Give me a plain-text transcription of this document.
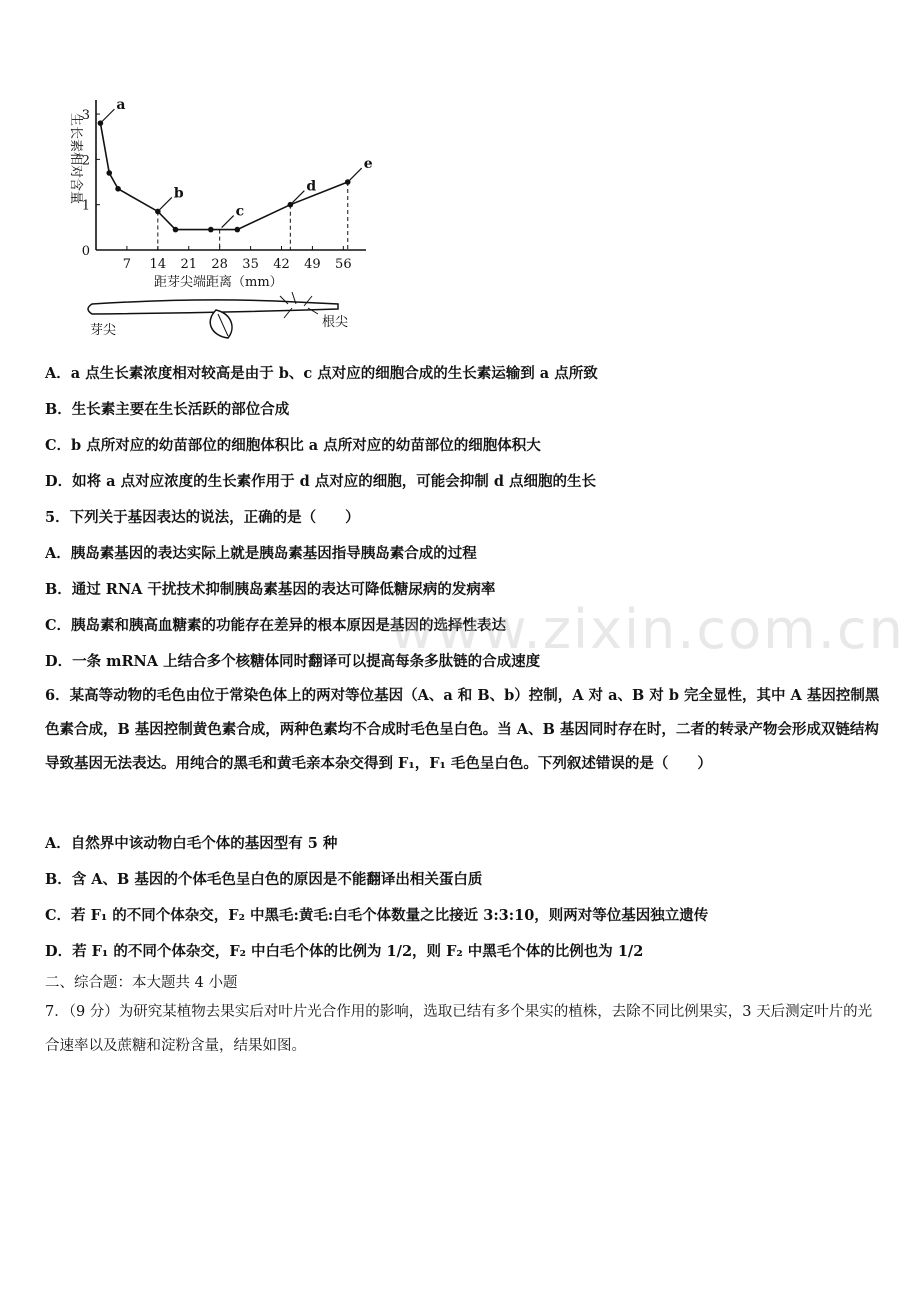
a
b
c
d
e
7 14 21 28 35 42 49 56
0
1
2
3
生长素相对含量
距芽尖端距离（mm）
芽尖
根尖
A．a 点生长素浓度相对较高是由于 b、c 点对应的细胞合成的生长素运输到 a 点所致
B．生长素主要在生长活跃的部位合成
C．b 点所对应的幼苗部位的细胞体积比 a 点所对应的幼苗部位的细胞体积大
D．如将 a 点对应浓度的生长素作用于 d 点对应的细胞，可能会抑制 d 点细胞的生长
5．下列关于基因表达的说法，正确的是（　　）
A．胰岛素基因的表达实际上就是胰岛素基因指导胰岛素合成的过程
B．通过 RNA 干扰技术抑制胰岛素基因的表达可降低糖尿病的发病率
C．胰岛素和胰高血糖素的功能存在差异的根本原因是基因的选择性表达
D．一条 mRNA 上结合多个核糖体同时翻译可以提高每条多肽链的合成速度
6．某高等动物的毛色由位于常染色体上的两对等位基因（A、a 和 B、b）控制，A 对 a、B 对 b 完全显性，其中 A 基因控制黑色素合成，B 基因控制黄色素合成，两种色素均不合成时毛色呈白色。当 A、B 基因同时存在时，二者的转录产物会形成双链结构导致基因无法表达。用纯合的黑毛和黄毛亲本杂交得到 F₁，F₁ 毛色呈白色。下列叙述错误的是（　　）
A．自然界中该动物白毛个体的基因型有 5 种
B．含 A、B 基因的个体毛色呈白色的原因是不能翻译出相关蛋白质
C．若 F₁ 的不同个体杂交，F₂ 中黑毛:黄毛:白毛个体数量之比接近 3:3:10，则两对等位基因独立遗传
D．若 F₁ 的不同个体杂交，F₂ 中白毛个体的比例为 1/2，则 F₂ 中黑毛个体的比例也为 1/2
二、综合题：本大题共 4 小题
7．（9 分）为研究某植物去果实后对叶片光合作用的影响，选取已结有多个果实的植株，去除不同比例果实，3 天后测定叶片的光合速率以及蔗糖和淀粉含量，结果如图。
www.zixin.com.cn
